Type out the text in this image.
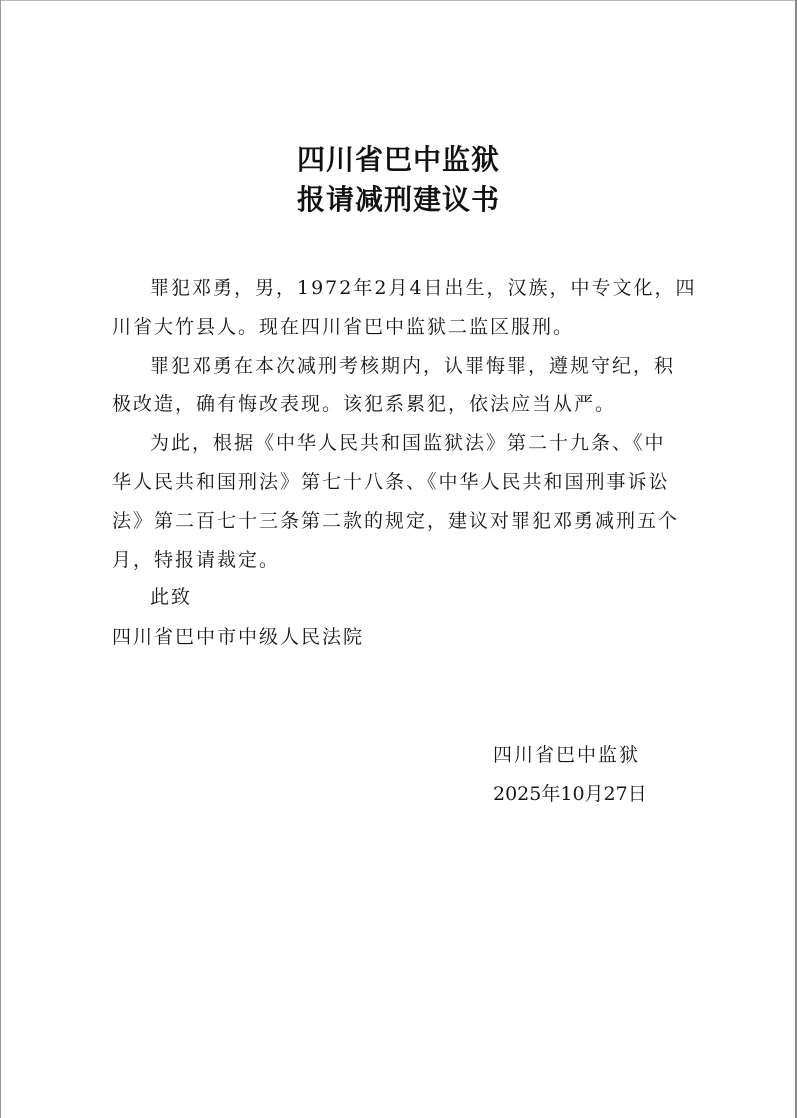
四川省巴中监狱
报请减刑建议书
罪犯邓勇，男，1972年2月4日出生，汉族，中专文化，四
川省大竹县人。现在四川省巴中监狱二监区服刑。
罪犯邓勇在本次减刑考核期内，认罪悔罪，遵规守纪，积
极改造，确有悔改表现。该犯系累犯，依法应当从严。
为此，根据《中华人民共和国监狱法》第二十九条、《中
华人民共和国刑法》第七十八条、《中华人民共和国刑事诉讼
法》第二百七十三条第二款的规定，建议对罪犯邓勇减刑五个
月，特报请裁定。
此致
四川省巴中市中级人民法院
四川省巴中监狱
2025年10月27日
